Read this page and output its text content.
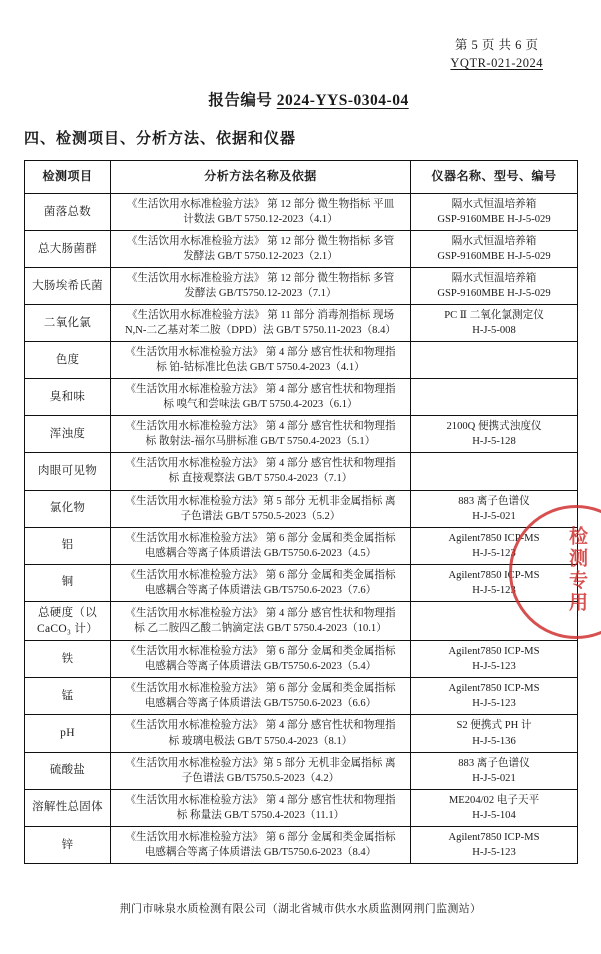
第 5 页 共 6 页
YQTR-021-2024
报告编号 2024-YYS-0304-04
四、检测项目、分析方法、依据和仪器
检测项目	分析方法名称及依据	仪器名称、型号、编号
菌落总数	《生活饮用水标准检验方法》 第 12 部分 微生物指标 平皿
计数法 GB/T 5750.12-2023（4.1）	隔水式恒温培养箱
GSP-9160MBE H-J-5-029

总大肠菌群	《生活饮用水标准检验方法》 第 12 部分 微生物指标 多管
发酵法 GB/T 5750.12-2023（2.1）	隔水式恒温培养箱
GSP-9160MBE H-J-5-029

大肠埃希氏菌	《生活饮用水标准检验方法》 第 12 部分 微生物指标 多管
发酵法 GB/T5750.12-2023（7.1）	隔水式恒温培养箱
GSP-9160MBE H-J-5-029

二氧化氯	《生活饮用水标准检验方法》 第 11 部分 消毒剂指标 现场
N,N-二乙基对苯二胺（DPD）法 GB/T 5750.11-2023（8.4）	PC Ⅱ 二氧化氯测定仪
H-J-5-008

色度	《生活饮用水标准检验方法》 第 4 部分 感官性状和物理指
标 铂-钴标准比色法 GB/T 5750.4-2023（4.1）	

臭和味	《生活饮用水标准检验方法》 第 4 部分 感官性状和物理指
标 嗅气和尝味法 GB/T 5750.4-2023（6.1）	

浑浊度	《生活饮用水标准检验方法》 第 4 部分 感官性状和物理指
标 散射法-福尔马肼标准 GB/T 5750.4-2023（5.1）	2100Q 便携式浊度仪
H-J-5-128

肉眼可见物	《生活饮用水标准检验方法》 第 4 部分 感官性状和物理指
标 直接观察法 GB/T 5750.4-2023（7.1）	

氯化物	《生活饮用水标准检验方法》第 5 部分 无机非金属指标 离
子色谱法 GB/T 5750.5-2023（5.2）	883 离子色谱仪
H-J-5-021

铝	《生活饮用水标准检验方法》 第 6 部分 金属和类金属指标
电感耦合等离子体质谱法 GB/T5750.6-2023（4.5）	Agilent7850 ICP-MS
H-J-5-123

铜	《生活饮用水标准检验方法》 第 6 部分 金属和类金属指标
电感耦合等离子体质谱法 GB/T5750.6-2023（7.6）	Agilent7850 ICP-MS
H-J-5-123

总硬度（以 CaCO₃ 计）	《生活饮用水标准检验方法》 第 4 部分 感官性状和物理指
标 乙二胺四乙酸二钠滴定法 GB/T 5750.4-2023（10.1）	

铁	《生活饮用水标准检验方法》 第 6 部分 金属和类金属指标
电感耦合等离子体质谱法 GB/T5750.6-2023（5.4）	Agilent7850 ICP-MS
H-J-5-123

锰	《生活饮用水标准检验方法》 第 6 部分 金属和类金属指标
电感耦合等离子体质谱法 GB/T5750.6-2023（6.6）	Agilent7850 ICP-MS
H-J-5-123

pH	《生活饮用水标准检验方法》 第 4 部分 感官性状和物理指
标 玻璃电极法 GB/T 5750.4-2023（8.1）	S2 便携式 PH 计
H-J-5-136

硫酸盐	《生活饮用水标准检验方法》第 5 部分 无机非金属指标 离
子色谱法 GB/T5750.5-2023（4.2）	883 离子色谱仪
H-J-5-021

溶解性总固体	《生活饮用水标准检验方法》 第 4 部分 感官性状和物理指
标 称量法 GB/T 5750.4-2023（11.1）	ME204/02 电子天平
H-J-5-104

锌	《生活饮用水标准检验方法》 第 6 部分 金属和类金属指标
电感耦合等离子体质谱法 GB/T5750.6-2023（8.4）	Agilent7850 ICP-MS
H-J-5-123
检测专用
荆门市咏泉水质检测有限公司（湖北省城市供水水质监测网荆门监测站）
